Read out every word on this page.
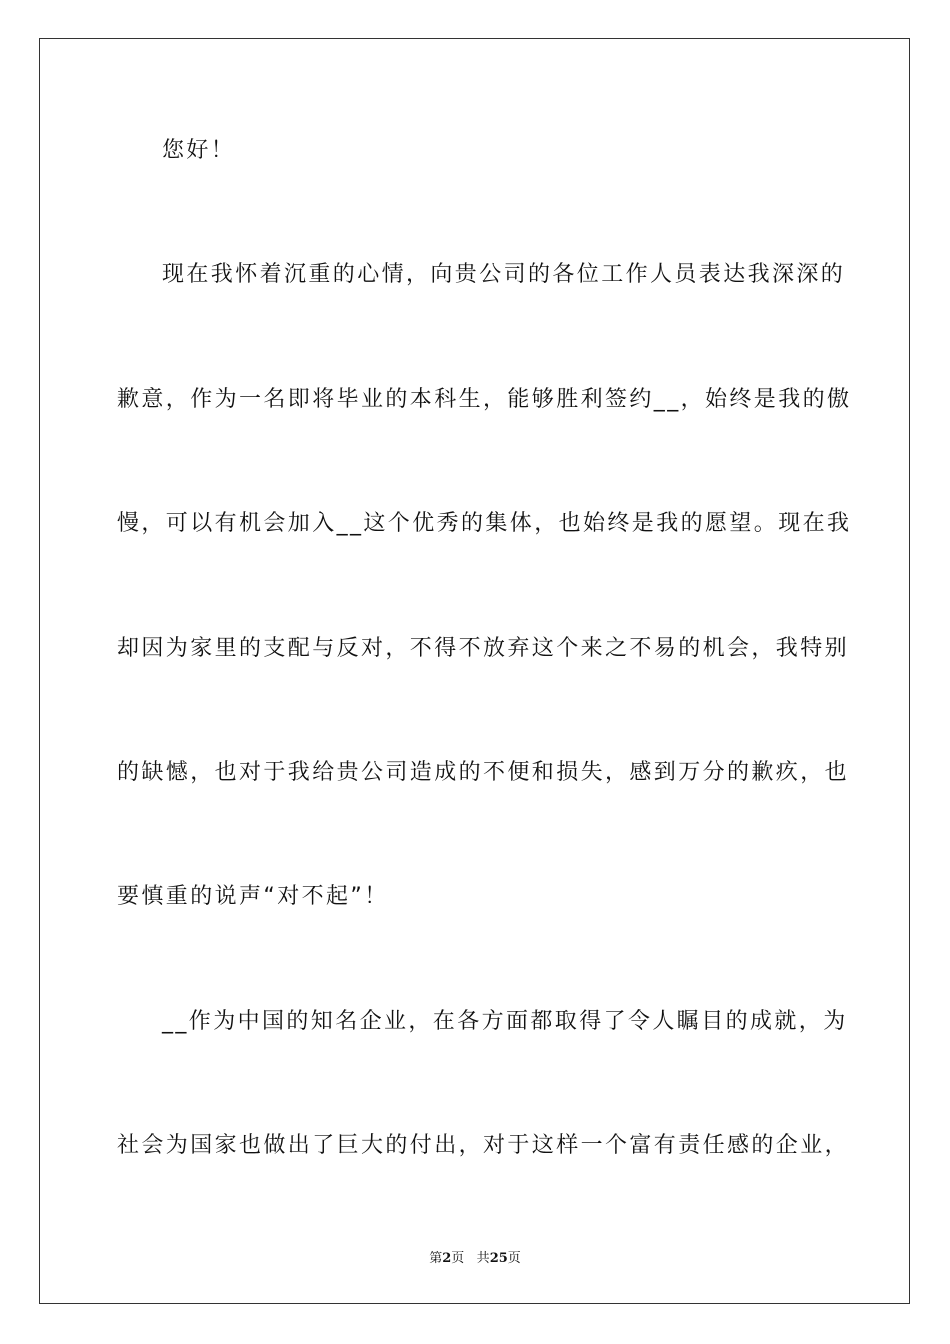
您好！
现在我怀着沉重的心情，向贵公司的各位工作人员表达我深深的
歉意，作为一名即将毕业的本科生，能够胜利签约__，始终是我的傲
慢，可以有机会加入__这个优秀的集体，也始终是我的愿望。现在我
却因为家里的支配与反对，不得不放弃这个来之不易的机会，我特别
的缺憾，也对于我给贵公司造成的不便和损失，感到万分的歉疚，也
要慎重的说声“对不起”！
__作为中国的知名企业，在各方面都取得了令人瞩目的成就，为
社会为国家也做出了巨大的付出，对于这样一个富有责任感的企业，
第2页 共25页
